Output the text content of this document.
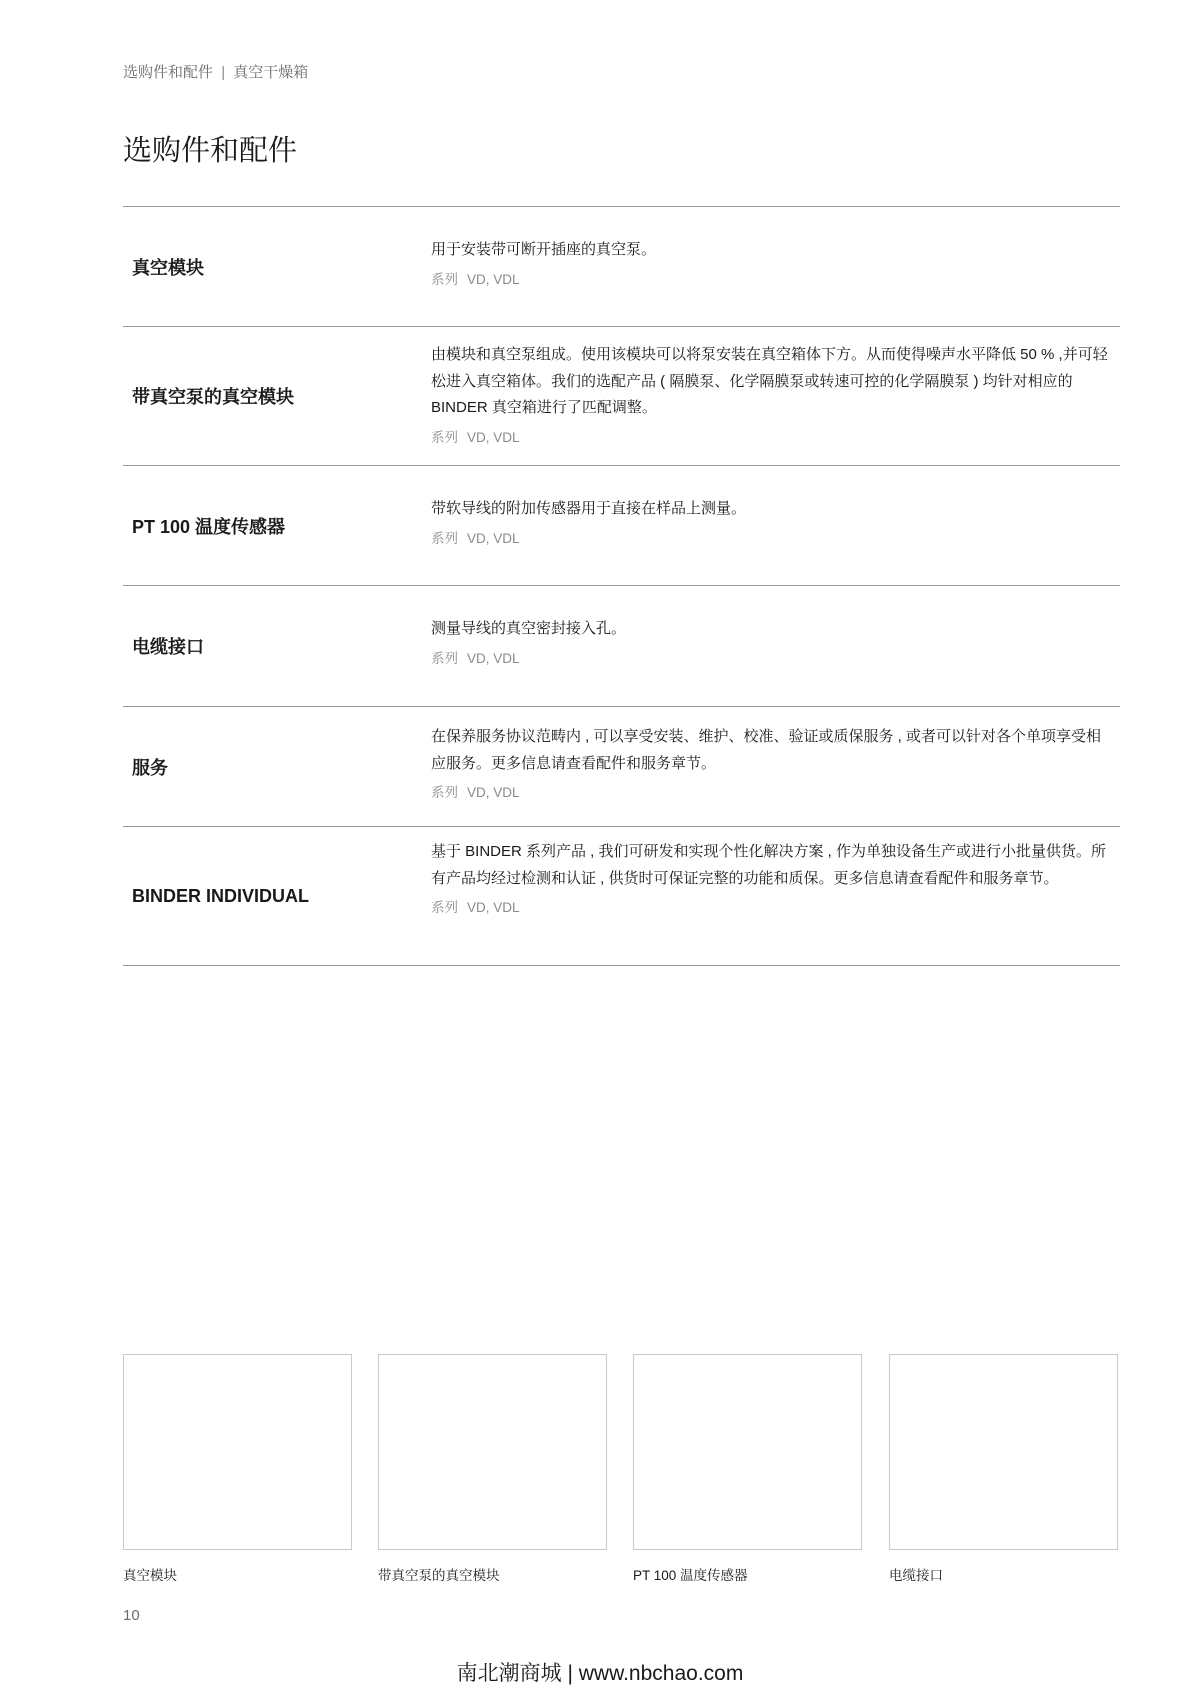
选购件和配件 | 真空干燥箱
选购件和配件
真空模块
用于安装带可断开插座的真空泵。
系列 VD, VDL
带真空泵的真空模块
由模块和真空泵组成。使用该模块可以将泵安装在真空箱体下方。从而使得噪声水平降低 50 % ,并可轻松进入真空箱体。我们的选配产品 ( 隔膜泵、化学隔膜泵或转速可控的化学隔膜泵 ) 均针对相应的 BINDER 真空箱进行了匹配调整。
系列 VD, VDL
PT 100 温度传感器
带软导线的附加传感器用于直接在样品上测量。
系列 VD, VDL
电缆接口
测量导线的真空密封接入孔。
系列 VD, VDL
服务
在保养服务协议范畴内 , 可以享受安装、维护、校准、验证或质保服务 , 或者可以针对各个单项享受相应服务。更多信息请查看配件和服务章节。
系列 VD, VDL
BINDER INDIVIDUAL
基于 BINDER 系列产品 , 我们可研发和实现个性化解决方案 , 作为单独设备生产或进行小批量供货。所有产品均经过检测和认证 , 供货时可保证完整的功能和质保。更多信息请查看配件和服务章节。
系列 VD, VDL
真空模块	带真空泵的真空模块	PT 100 温度传感器	电缆接口
10
南北潮商城 | www.nbchao.com
